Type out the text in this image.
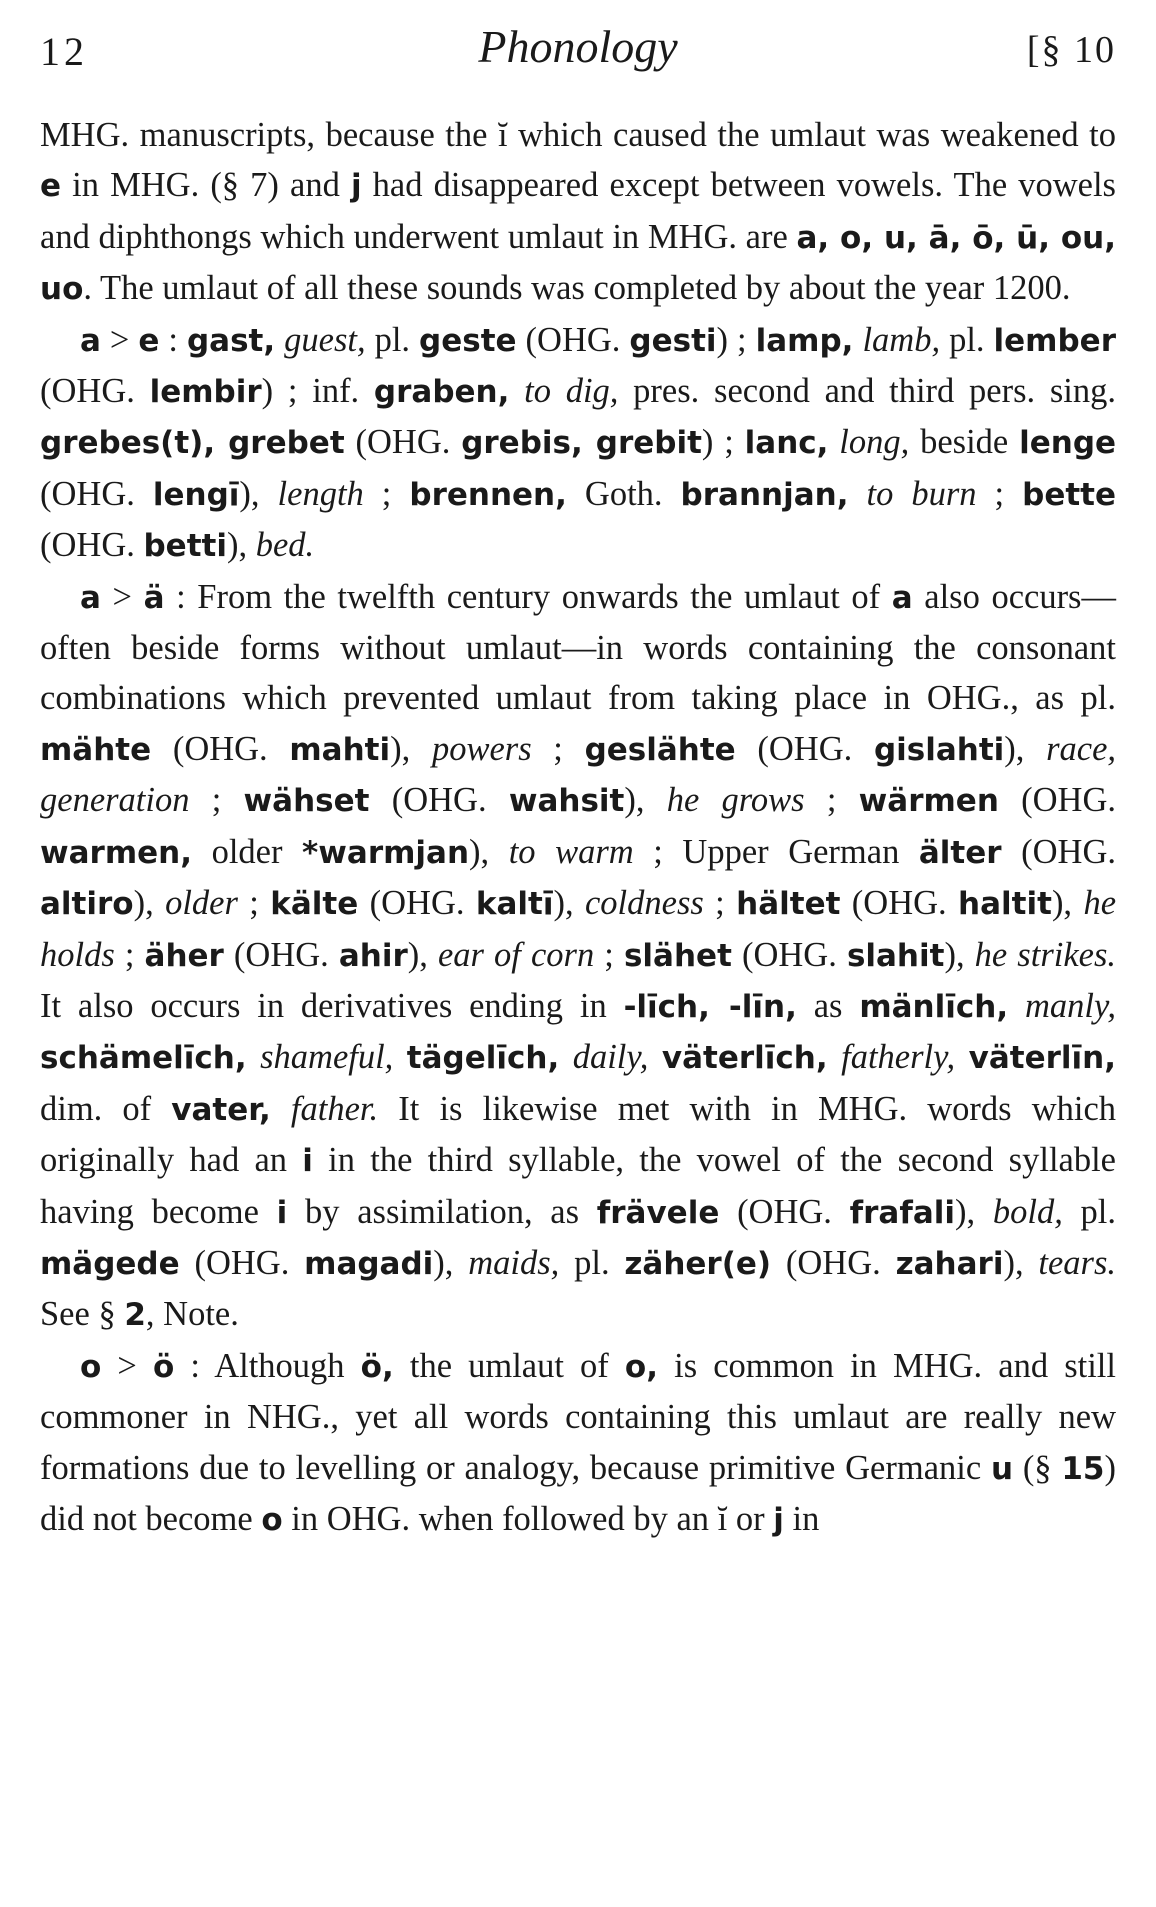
12	Phonology	[§ 10

MHG. manuscripts, because the ĭ which caused the umlaut was weakened to e in MHG. (§ 7) and j had disappeared except between vowels. The vowels and diphthongs which underwent umlaut in MHG. are a, o, u, ā, ō, ū, ou, uo. The umlaut of all these sounds was completed by about the year 1200.

a > e : gast, guest, pl. geste (OHG. gesti) ; lamp, lamb, pl. lember (OHG. lembir) ; inf. graben, to dig, pres. second and third pers. sing. grebes(t), grebet (OHG. grebis, grebit) ; lanc, long, beside lenge (OHG. lengī), length ; brennen, Goth. brannjan, to burn ; bette (OHG. betti), bed.

a > ä : From the twelfth century onwards the umlaut of a also occurs—often beside forms without umlaut—in words containing the consonant combinations which prevented umlaut from taking place in OHG., as pl. mähte (OHG. mahti), powers ; geslähte (OHG. gislahti), race, generation ; wähset (OHG. wahsit), he grows ; wärmen (OHG. warmen, older *warmjan), to warm ; Upper German älter (OHG. altiro), older ; kälte (OHG. kaltī), coldness ; hältet (OHG. haltit), he holds ; äher (OHG. ahir), ear of corn ; slähet (OHG. slahit), he strikes. It also occurs in derivatives ending in -līch, -līn, as mänlīch, manly, schämelīch, shameful, tägelīch, daily, väterlīch, fatherly, väterlīn, dim. of vater, father. It is likewise met with in MHG. words which originally had an i in the third syllable, the vowel of the second syllable having become i by assimilation, as frävele (OHG. frafali), bold, pl. mägede (OHG. magadi), maids, pl. zäher(e) (OHG. zahari), tears. See § 2, Note.

o > ö : Although ö, the umlaut of o, is common in MHG. and still commoner in NHG., yet all words containing this umlaut are really new formations due to levelling or analogy, because primitive Germanic u (§ 15) did not become o in OHG. when followed by an ĭ or j in
